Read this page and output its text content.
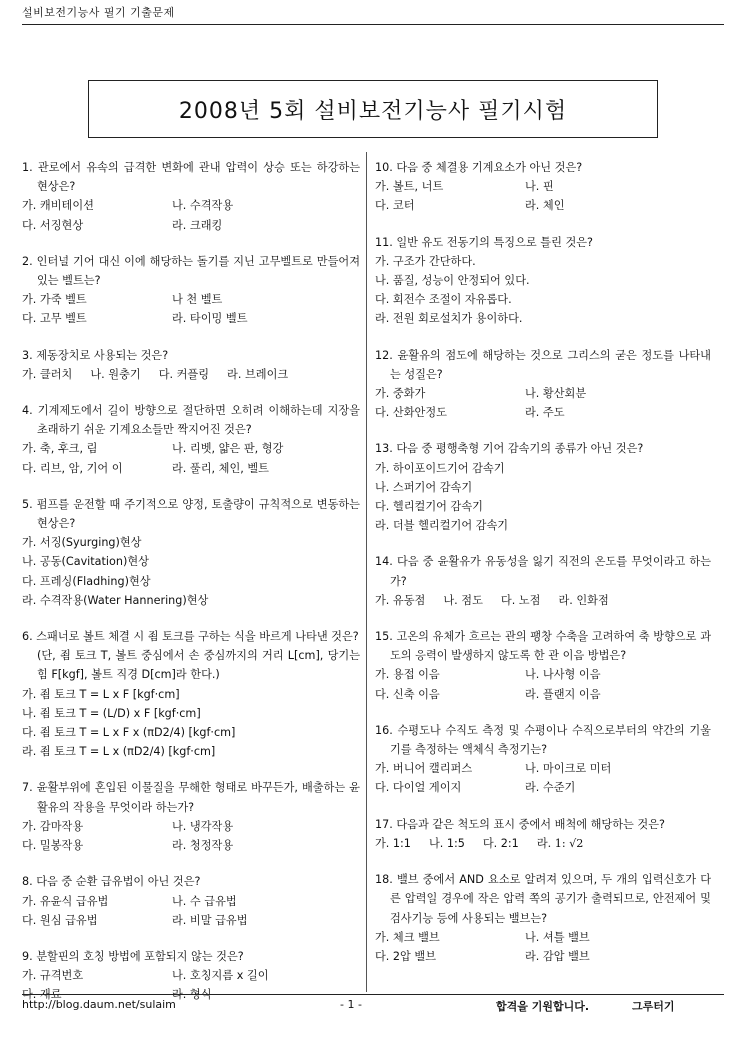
설비보전기능사 필기 기출문제
2008년 5회 설비보전기능사 필기시험
1. 관로에서 유속의 급격한 변화에 관내 압력이 상승 또는 하강하는 현상은?
가. 캐비테이션	나. 수격작용
다. 서징현상	라. 크래킹
2. 인터널 기어 대신 이에 해당하는 돌기를 지닌 고무벨트로 만들어져 있는 벨트는?
가. 가죽 벨트	나 천 벨트
다. 고무 벨트	라. 타이밍 벨트
3. 제동장치로 사용되는 것은?
가. 클러치 나. 원충기 다. 커플링 라. 브레이크
4. 기계제도에서 길이 방향으로 절단하면 오히려 이해하는데 지장을 초래하기 쉬운 기계요소들만 짝지어진 것은?
가. 축, 후크, 림	나. 리벳, 얇은 판, 형강
다. 리브, 암, 기어 이	라. 풀리, 체인, 벨트
5. 펌프를 운전할 때 주기적으로 양정, 토출량이 규칙적으로 변동하는 현상은?
가. 서징(Syurging)현상
나. 공동(Cavitation)현상
다. 프레싱(Fladhing)현상
라. 수격작용(Water Hannering)현상
6. 스패너로 볼트 체결 시 죔 토크를 구하는 식을 바르게 나타낸 것은?
(단, 죔 토크 T, 볼트 중심에서 손 중심까지의 거리 L[cm], 당기는 힘 F[kgf], 볼트 직경 D[cm]라 한다.)
가. 죔 토크 T = L x F [kgf·cm]
나. 죔 토크 T = (L/D) x F [kgf·cm]
다. 죔 토크 T = L x F x (πD2/4) [kgf·cm]
라. 죔 토크 T = L x (πD2/4) [kgf·cm]
7. 윤활부위에 혼입된 이물질을 무해한 형태로 바꾸든가, 배출하는 윤활유의 작용을 무엇이라 하는가?
가. 감마작용	나. 냉각작용
다. 밀봉작용	라. 청정작용
8. 다음 중 순환 급유법이 아닌 것은?
가. 유윤식 급유법	나. 수 급유법
다. 원심 급유법	라. 비말 급유법
9. 분할핀의 호칭 방법에 포함되지 않는 것은?
가. 규격번호	나. 호칭지름 x 길이
다. 재료	라. 형식
10. 다음 중 체결용 기계요소가 아닌 것은?
가. 볼트, 너트	나. 핀
다. 코터	라. 체인
11. 일반 유도 전동기의 특징으로 틀린 것은?
가. 구조가 간단하다.
나. 품질, 성능이 안정되어 있다.
다. 회전수 조절이 자유롭다.
라. 전원 회로설치가 용이하다.
12. 윤활유의 점도에 해당하는 것으로 그리스의 굳은 정도를 나타내는 성질은?
가. 중화가	나. 황산회분
다. 산화안정도	라. 주도
13. 다음 중 평행축형 기어 감속기의 종류가 아닌 것은?
가. 하이포이드기어 감속기
나. 스퍼기어 감속기
다. 헬리컬기어 감속기
라. 더블 헬리컬기어 감속기
14. 다음 중 윤활유가 유동성을 잃기 직전의 온도를 무엇이라고 하는가?
가. 유동점 나. 점도 다. 노점 라. 인화점
15. 고온의 유체가 흐르는 관의 팽창 수축을 고려하여 축 방향으로 과도의 응력이 발생하지 않도록 한 관 이음 방법은?
가. 용접 이음	나. 나사형 이음
다. 신축 이음	라. 플랜지 이음
16. 수평도나 수직도 측정 및 수평이나 수직으로부터의 약간의 기울기를 측정하는 액체식 측정기는?
가. 버니어 캘리퍼스	나. 마이크로 미터
다. 다이얼 게이지	라. 수준기
17. 다음과 같은 척도의 표시 중에서 배척에 해당하는 것은?
가. 1:1 나. 1:5 다. 2:1 라. 1: √2
18. 밸브 중에서 AND 요소로 알려져 있으며, 두 개의 입력신호가 다른 압력일 경우에 작은 압력 쪽의 공기가 출력되므로, 안전제어 및 검사기능 등에 사용되는 밸브는?
가. 체크 밸브	나. 셔틀 밸브
다. 2압 밸브	라. 감압 밸브
http://blog.daum.net/sulaim	- 1 -	합격을 기원합니다.	그루터기
